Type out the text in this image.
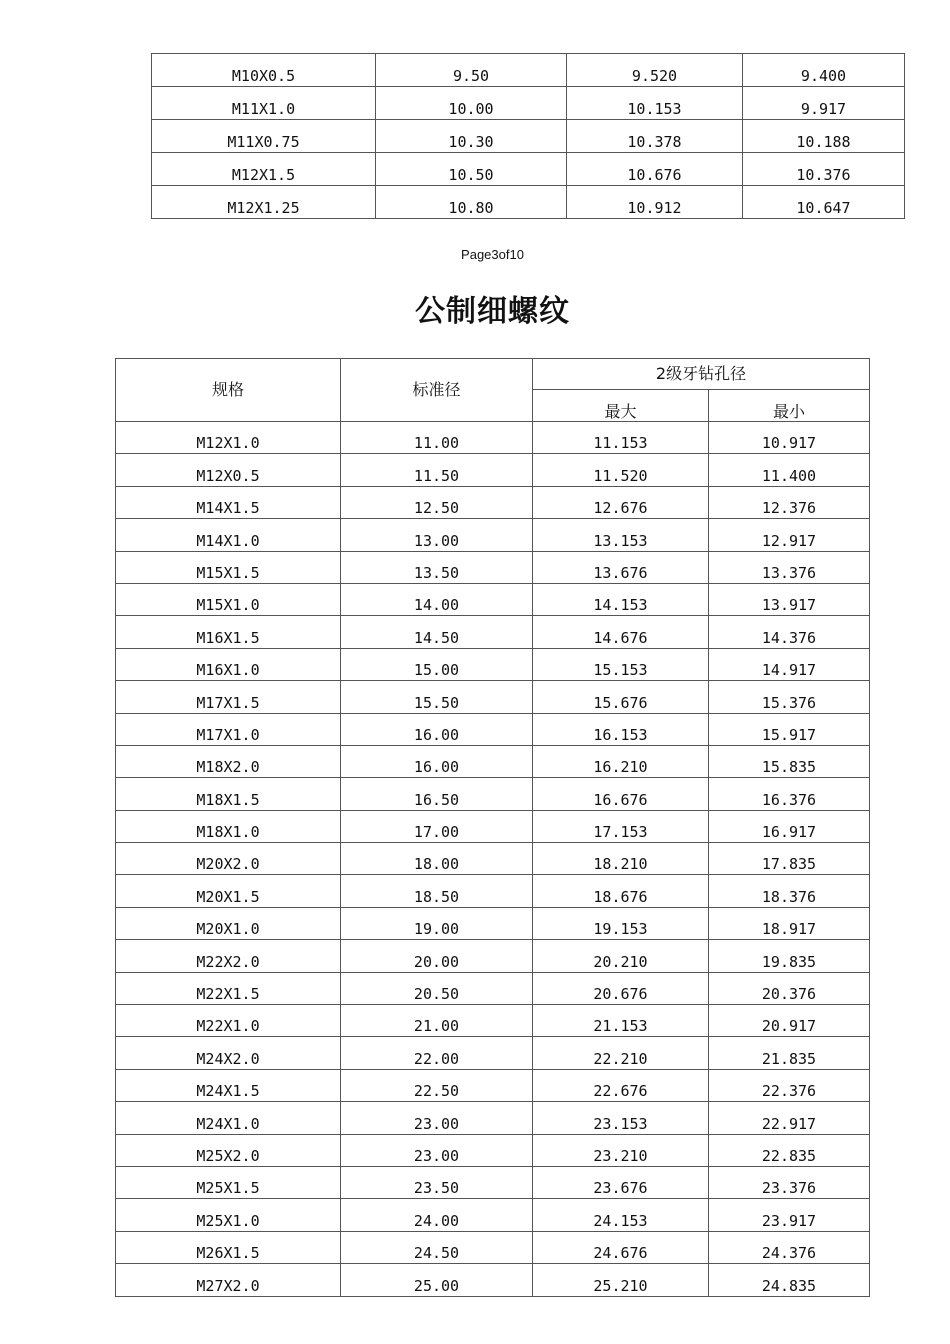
M10X0.5	9.50	9.520	9.400
M11X1.0	10.00	10.153	9.917
M11X0.75	10.30	10.378	10.188
M12X1.5	10.50	10.676	10.376
M12X1.25	10.80	10.912	10.647
Page3of10
公制细螺纹
规格	标准径	2级牙钻孔径	
		最大	最小
M12X1.0	11.00	11.153	10.917
M12X0.5	11.50	11.520	11.400
M14X1.5	12.50	12.676	12.376
M14X1.0	13.00	13.153	12.917
M15X1.5	13.50	13.676	13.376
M15X1.0	14.00	14.153	13.917
M16X1.5	14.50	14.676	14.376
M16X1.0	15.00	15.153	14.917
M17X1.5	15.50	15.676	15.376
M17X1.0	16.00	16.153	15.917
M18X2.0	16.00	16.210	15.835
M18X1.5	16.50	16.676	16.376
M18X1.0	17.00	17.153	16.917
M20X2.0	18.00	18.210	17.835
M20X1.5	18.50	18.676	18.376
M20X1.0	19.00	19.153	18.917
M22X2.0	20.00	20.210	19.835
M22X1.5	20.50	20.676	20.376
M22X1.0	21.00	21.153	20.917
M24X2.0	22.00	22.210	21.835
M24X1.5	22.50	22.676	22.376
M24X1.0	23.00	23.153	22.917
M25X2.0	23.00	23.210	22.835
M25X1.5	23.50	23.676	23.376
M25X1.0	24.00	24.153	23.917
M26X1.5	24.50	24.676	24.376
M27X2.0	25.00	25.210	24.835
